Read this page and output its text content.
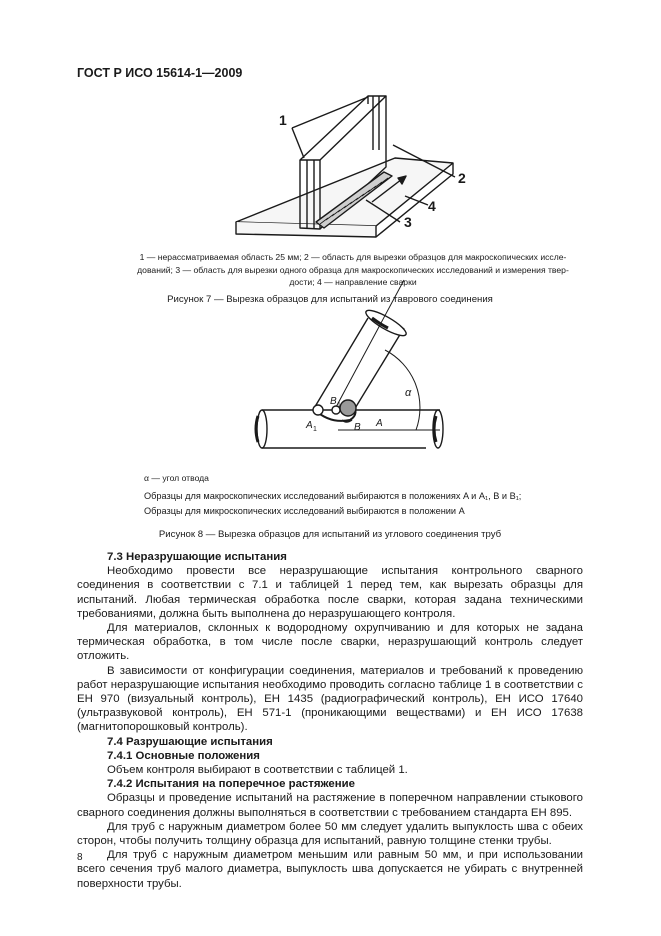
ГОСТ Р ИСО 15614-1—2009
1
2
3
4
A 1
B 1
B A
α
1 — нерассматриваемая область 25 мм; 2 — область для вырезки образцов для макроскопических иссле-
дований; 3 — область для вырезки одного образца для макроскопических исследований и измерения твер-
дости; 4 — направление сварки
Рисунок 7 — Вырезка образцов для испытаний из таврового соединения
α — угол отвода
Образцы для макроскопических исследований выбираются в положениях A и A₁, B и B₁;
Образцы для микроскопических исследований выбираются в положении A
Рисунок 8 — Вырезка образцов для испытаний из углового соединения труб
7.3 Неразрушающие испытания

Необходимо провести все неразрушающие испытания контрольного сварного соединения в соответствии с 7.1 и таблицей 1 перед тем, как вырезать образцы для испытаний. Любая термическая обработка после сварки, которая задана техническими требованиями, должна быть выполнена до неразрушающего контроля.

Для материалов, склонных к водородному охрупчиванию и для которых не задана термическая обработка, в том числе после сварки, неразрушающий контроль следует отложить.

В зависимости от конфигурации соединения, материалов и требований к проведению работ неразрушающие испытания необходимо проводить согласно таблице 1 в соответствии с ЕН 970 (визуальный контроль), ЕН 1435 (радиографический контроль), ЕН ИСО 17640 (ультразвуковой контроль), ЕН 571-1 (проникающими веществами) и ЕН ИСО 17638 (магнитопорошковый контроль).

7.4 Разрушающие испытания
7.4.1 Основные положения

Объем контроля выбирают в соответствии с таблицей 1.

7.4.2 Испытания на поперечное растяжение

Образцы и проведение испытаний на растяжение в поперечном направлении стыкового сварного соединения должны выполняться в соответствии с требованием стандарта ЕН 895.

Для труб с наружным диаметром более 50 мм следует удалить выпуклость шва с обеих сторон, чтобы получить толщину образца для испытаний, равную толщине стенки трубы.

Для труб с наружным диаметром меньшим или равным 50 мм, и при использовании всего сечения труб малого диаметра, выпуклость шва допускается не убирать с внутренней поверхности трубы.

8
